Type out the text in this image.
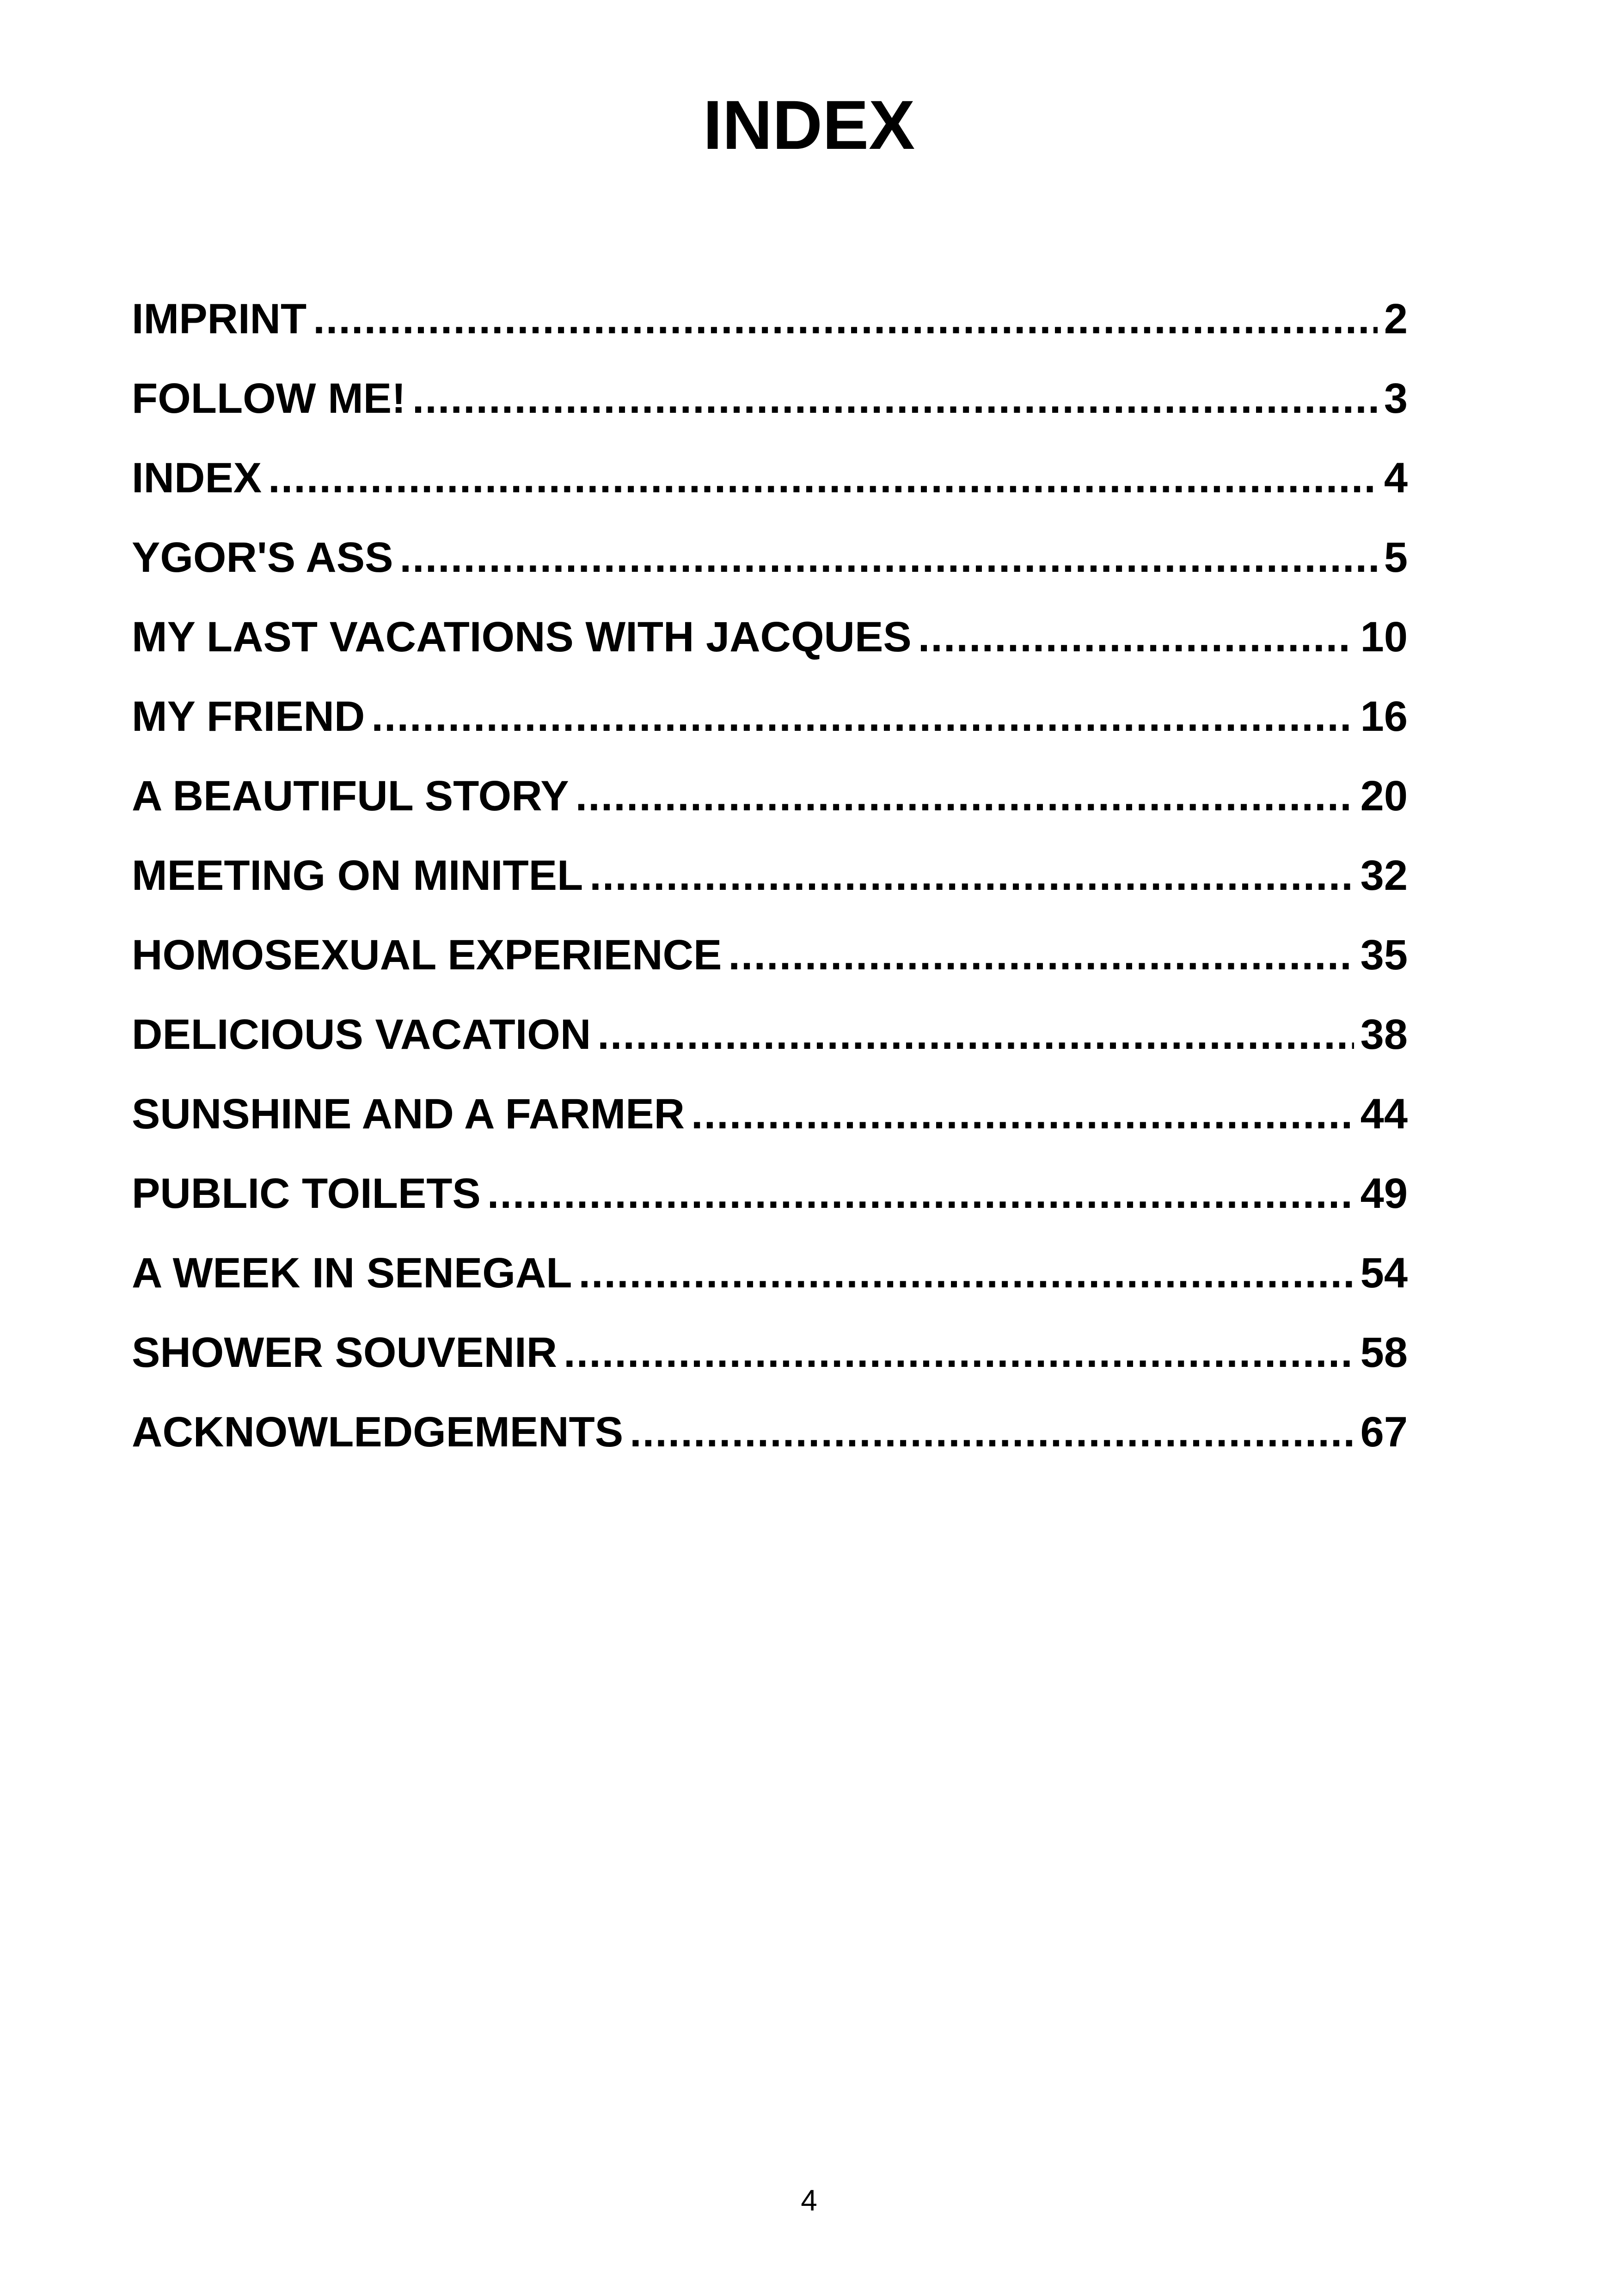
INDEX
IMPRINT .....	2
FOLLOW ME! .....	3
INDEX .....	4
YGOR'S ASS .....	5
MY LAST VACATIONS WITH JACQUES .....	10
MY FRIEND .....	16
A BEAUTIFUL STORY .....	20
MEETING ON MINITEL .....	32
HOMOSEXUAL EXPERIENCE .....	35
DELICIOUS VACATION .....	38
SUNSHINE AND A FARMER .....	44
PUBLIC TOILETS .....	49
A WEEK IN SENEGAL .....	54
SHOWER SOUVENIR .....	58
ACKNOWLEDGEMENTS .....	67
4
